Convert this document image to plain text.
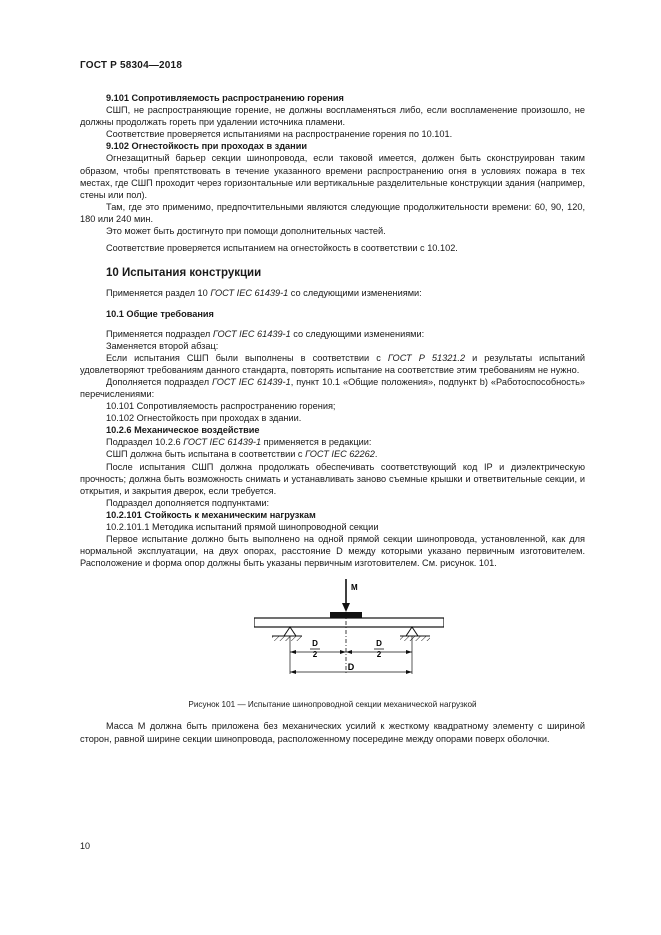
ГОСТ Р 58304—2018

9.101 Сопротивляемость распространению горения

СШП, не распространяющие горение, не должны воспламеняться либо, если воспламенение произошло, не должны продолжать гореть при удалении источника пламени.

Соответствие проверяется испытаниями на распространение горения по 10.101.

9.102 Огнестойкость при проходах в здании

Огнезащитный барьер секции шинопровода, если таковой имеется, должен быть сконструирован таким образом, чтобы препятствовать в течение указанного времени распространению огня в условиях пожара в тех местах, где СШП проходит через горизонтальные или вертикальные разделительные конструкции здания (например, стены или пол).

Там, где это применимо, предпочтительными являются следующие продолжительности времени: 60, 90, 120, 180 или 240 мин.

Это может быть достигнуто при помощи дополнительных частей.

Соответствие проверяется испытанием на огнестойкость в соответствии с 10.102.

10 Испытания конструкции

Применяется раздел 10 ГОСТ IEC 61439-1 со следующими изменениями:

10.1 Общие требования

Применяется подраздел ГОСТ IEC 61439-1 со следующими изменениями:

Заменяется второй абзац:

Если испытания СШП были выполнены в соответствии с ГОСТ Р 51321.2 и результаты испытаний удовлетворяют требованиям данного стандарта, повторять испытание на соответствие этим требованиям не нужно.

Дополняется подраздел ГОСТ IEC 61439-1, пункт 10.1 «Общие положения», подпункт b) «Работоспособность» перечислениями:

10.101 Сопротивляемость распространению горения;

10.102 Огнестойкость при проходах в здании.

10.2.6 Механическое воздействие

Подраздел 10.2.6 ГОСТ IEC 61439-1 применяется в редакции:

СШП должна быть испытана в соответствии с ГОСТ IEC 62262.

После испытания СШП должна продолжать обеспечивать соответствующий код IP и диэлектрическую прочность; должна быть возможность снимать и устанавливать заново съемные крышки и ответвительные секции, и открытия, и закрытия дверок, если требуется.

Подраздел дополняется подпунктами:

10.2.101 Стойкость к механическим нагрузкам

10.2.101.1 Методика испытаний прямой шинопроводной секции

Первое испытание должно быть выполнено на одной прямой секции шинопровода, установленной, как для нормальной эксплуатации, на двух опорах, расстояние D между которыми указано первичным изготовителем. Расположение и форма опор должны быть указаны первичным изготовителем. См. рисунок. 101.

M
D
2
D
2
D

Рисунок 101 — Испытание шинопроводной секции механической нагрузкой

Масса M должна быть приложена без механических усилий к жесткому квадратному элементу с шириной сторон, равной ширине секции шинопровода, расположенному посередине между опорами поверх оболочки.

10
